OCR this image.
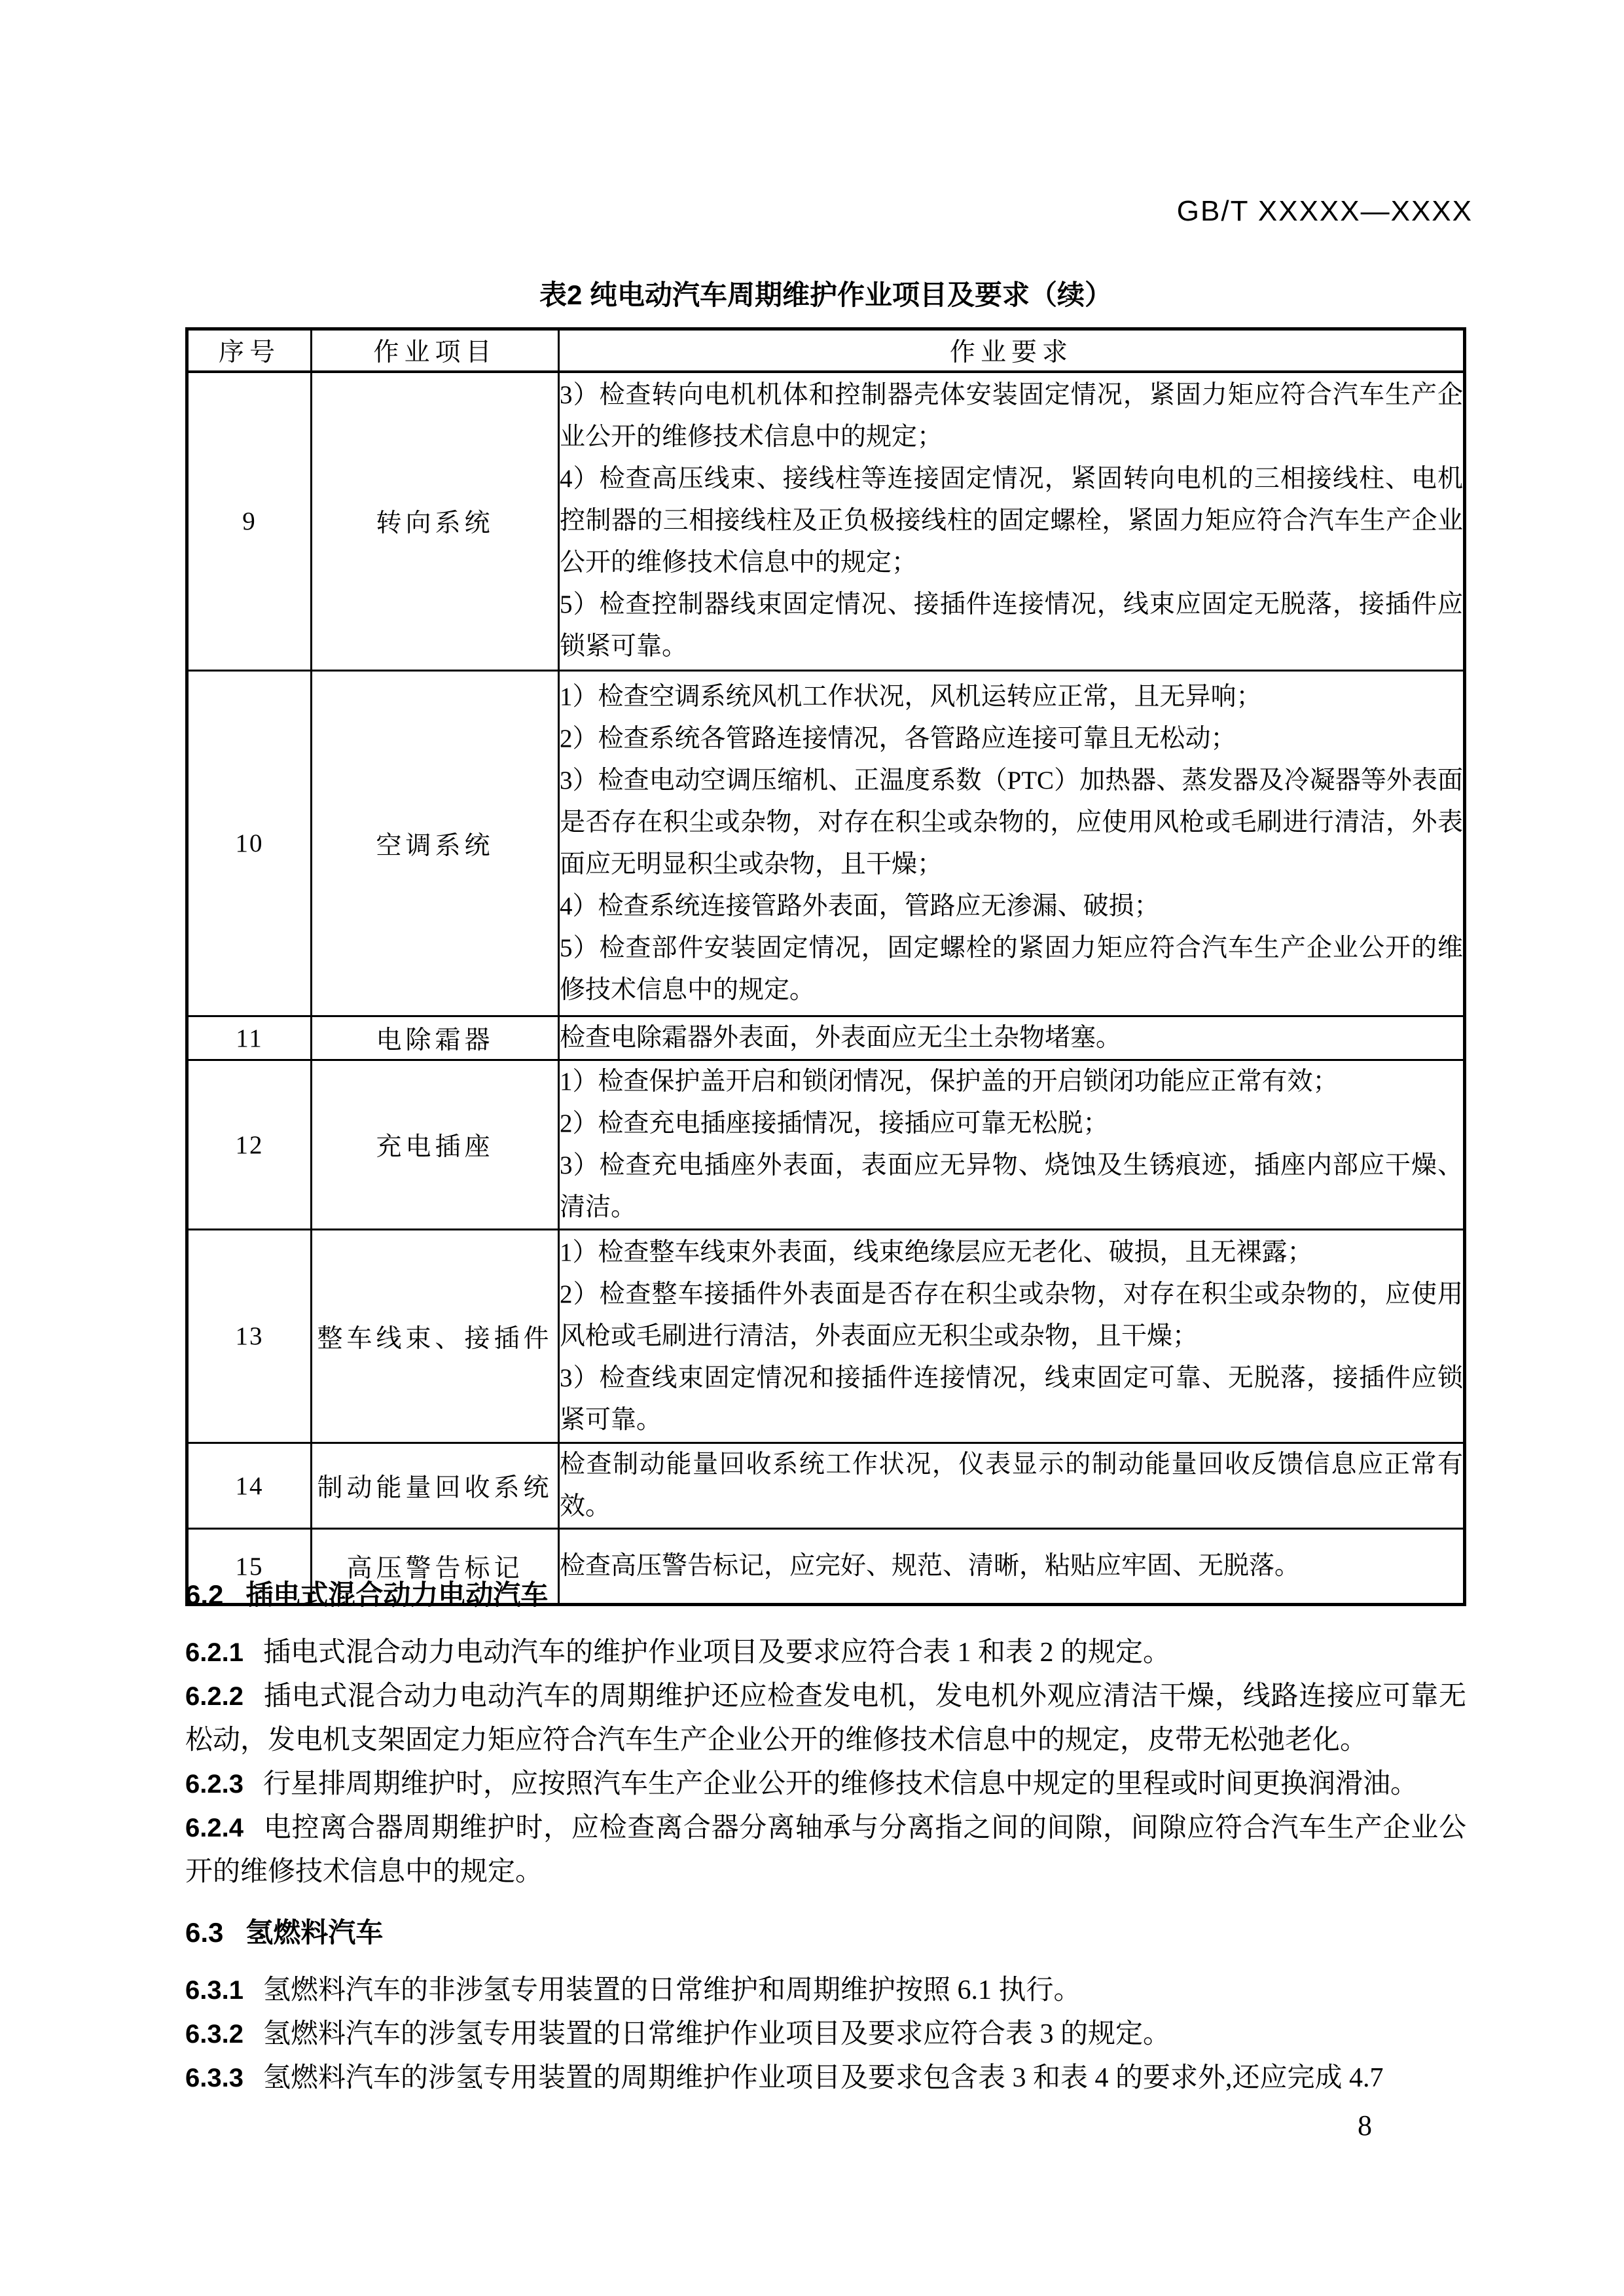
GB/T XXXXX—XXXX
表2 纯电动汽车周期维护作业项目及要求（续）
序号	作业项目	作业要求
9	转向系统	3）检查转向电机机体和控制器壳体安装固定情况，紧固力矩应符合汽车生产企业公开的维修技术信息中的规定；
4）检查高压线束、接线柱等连接固定情况，紧固转向电机的三相接线柱、电机控制器的三相接线柱及正负极接线柱的固定螺栓，紧固力矩应符合汽车生产企业公开的维修技术信息中的规定；
5）检查控制器线束固定情况、接插件连接情况，线束应固定无脱落，接插件应锁紧可靠。

10	空调系统	1）检查空调系统风机工作状况，风机运转应正常，且无异响；
2）检查系统各管路连接情况，各管路应连接可靠且无松动；
3）检查电动空调压缩机、正温度系数（PTC）加热器、蒸发器及冷凝器等外表面是否存在积尘或杂物，对存在积尘或杂物的，应使用风枪或毛刷进行清洁，外表面应无明显积尘或杂物，且干燥；
4）检查系统连接管路外表面，管路应无渗漏、破损；
5）检查部件安装固定情况，固定螺栓的紧固力矩应符合汽车生产企业公开的维修技术信息中的规定。

11	电除霜器	检查电除霜器外表面，外表面应无尘土杂物堵塞。

12	充电插座	1）检查保护盖开启和锁闭情况，保护盖的开启锁闭功能应正常有效；
2）检查充电插座接插情况，接插应可靠无松脱；
3）检查充电插座外表面，表面应无异物、烧蚀及生锈痕迹，插座内部应干燥、清洁。

13	整车线束、接插件	1）检查整车线束外表面，线束绝缘层应无老化、破损，且无裸露；
2）检查整车接插件外表面是否存在积尘或杂物，对存在积尘或杂物的，应使用风枪或毛刷进行清洁，外表面应无积尘或杂物，且干燥；
3）检查线束固定情况和接插件连接情况，线束固定可靠、无脱落，接插件应锁紧可靠。

14	制动能量回收系统	检查制动能量回收系统工作状况，仪表显示的制动能量回收反馈信息应正常有效。

15	高压警告标记	检查高压警告标记，应完好、规范、清晰，粘贴应牢固、无脱落。
6.2 插电式混合动力电动汽车
6.2.1 插电式混合动力电动汽车的维护作业项目及要求应符合表 1 和表 2 的规定。
6.2.2 插电式混合动力电动汽车的周期维护还应检查发电机，发电机外观应清洁干燥，线路连接应可靠无松动，发电机支架固定力矩应符合汽车生产企业公开的维修技术信息中的规定，皮带无松弛老化。
6.2.3 行星排周期维护时，应按照汽车生产企业公开的维修技术信息中规定的里程或时间更换润滑油。
6.2.4 电控离合器周期维护时，应检查离合器分离轴承与分离指之间的间隙，间隙应符合汽车生产企业公开的维修技术信息中的规定。
6.3 氢燃料汽车
6.3.1 氢燃料汽车的非涉氢专用装置的日常维护和周期维护按照 6.1 执行。
6.3.2 氢燃料汽车的涉氢专用装置的日常维护作业项目及要求应符合表 3 的规定。
6.3.3 氢燃料汽车的涉氢专用装置的周期维护作业项目及要求包含表 3 和表 4 的要求外,还应完成 4.7
8
